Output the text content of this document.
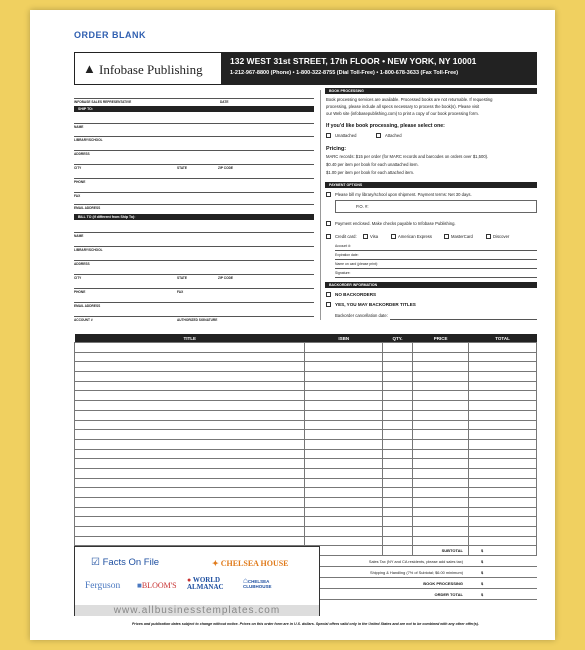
ORDER BLANK
▲ Infobase Publishing
132 WEST 31st STREET, 17th FLOOR • NEW YORK, NY 10001
1-212-967-8800 (Phone) • 1-800-322-8755 (Dial Toll-Free) • 1-800-678-3633 (Fax Toll-Free)
INFOBASE SALES REPRESENTATIVE	DATE
SHIP TO:
NAME
LIBRARY/SCHOOL
ADDRESS
CITY	STATE	ZIP CODE
PHONE
FAX
EMAIL ADDRESS
BILL TO (if different from Ship To):
NAME
LIBRARY/SCHOOL
ADDRESS
CITY	STATE	ZIP CODE
PHONE	FAX
EMAIL ADDRESS
ACCOUNT #	AUTHORIZED SIGNATURE
BOOK PROCESSING
Book processing services are available. Processed books are not returnable. If requesting
processing, please include all specs necessary to process the book(s). Please visit
our Web site (infobasepublishing.com) to print a copy of our book processing form.
If you'd like book processing, please select one:
Unattached	Attached
Pricing:
MARC records: $15 per order (for MARC records and barcodes on orders over $1,500).
$0.40 per item per book for each unattached item.
$1.00 per item per book for each attached item.
PAYMENT OPTIONS
Please bill my library/school upon shipment. Payment terms: Net 30 days.
P.O. #:
Payment enclosed. Make checks payable to Infobase Publishing.
Credit card:	Visa	American Express	MasterCard	Discover
Account #:
Expiration date:
Name on card (please print):
Signature:
BACKORDER INFORMATION
NO BACKORDERS
YES, YOU MAY BACKORDER TITLES
Backorder cancellation date:
TITLE	ISBN	QTY.	PRICE	TOTAL

☑ Facts On File	✦ CHELSEA HOUSE
Ferguson ■BLOOM'S
● WORLD ALMANAC
⌂CHELSEA CLUBHOUSE
www.allbusinesstemplates.com
SUBTOTAL	$
Sales Tax (NY and CA residents, please add sales tax)	$
Shipping & Handling (7% of Subtotal; $6.00 minimum)	$
BOOK PROCESSING	$
ORDER TOTAL	$
Prices and publication dates subject to change without notice. Prices on this order form are in U.S. dollars. Special offers valid only in the United States and are not to be combined with any other offer(s).
